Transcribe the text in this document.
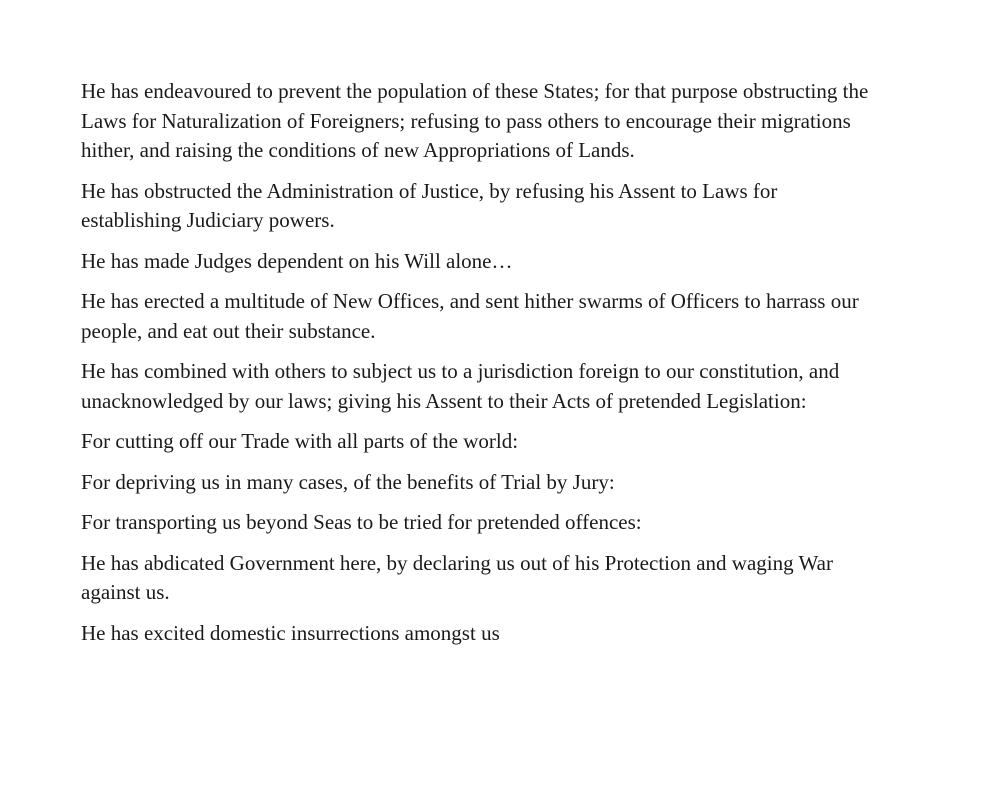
He has endeavoured to prevent the population of these States; for that purpose obstructing the Laws for Naturalization of Foreigners; refusing to pass others to encourage their migrations hither, and raising the conditions of new Appropriations of Lands.

He has obstructed the Administration of Justice, by refusing his Assent to Laws for establishing Judiciary powers.

He has made Judges dependent on his Will alone…

He has erected a multitude of New Offices, and sent hither swarms of Officers to harrass our people, and eat out their substance.

He has combined with others to subject us to a jurisdiction foreign to our constitution, and unacknowledged by our laws; giving his Assent to their Acts of pretended Legislation:

For cutting off our Trade with all parts of the world:

For depriving us in many cases, of the benefits of Trial by Jury:

For transporting us beyond Seas to be tried for pretended offences:

He has abdicated Government here, by declaring us out of his Protection and waging War against us.

He has excited domestic insurrections amongst us
